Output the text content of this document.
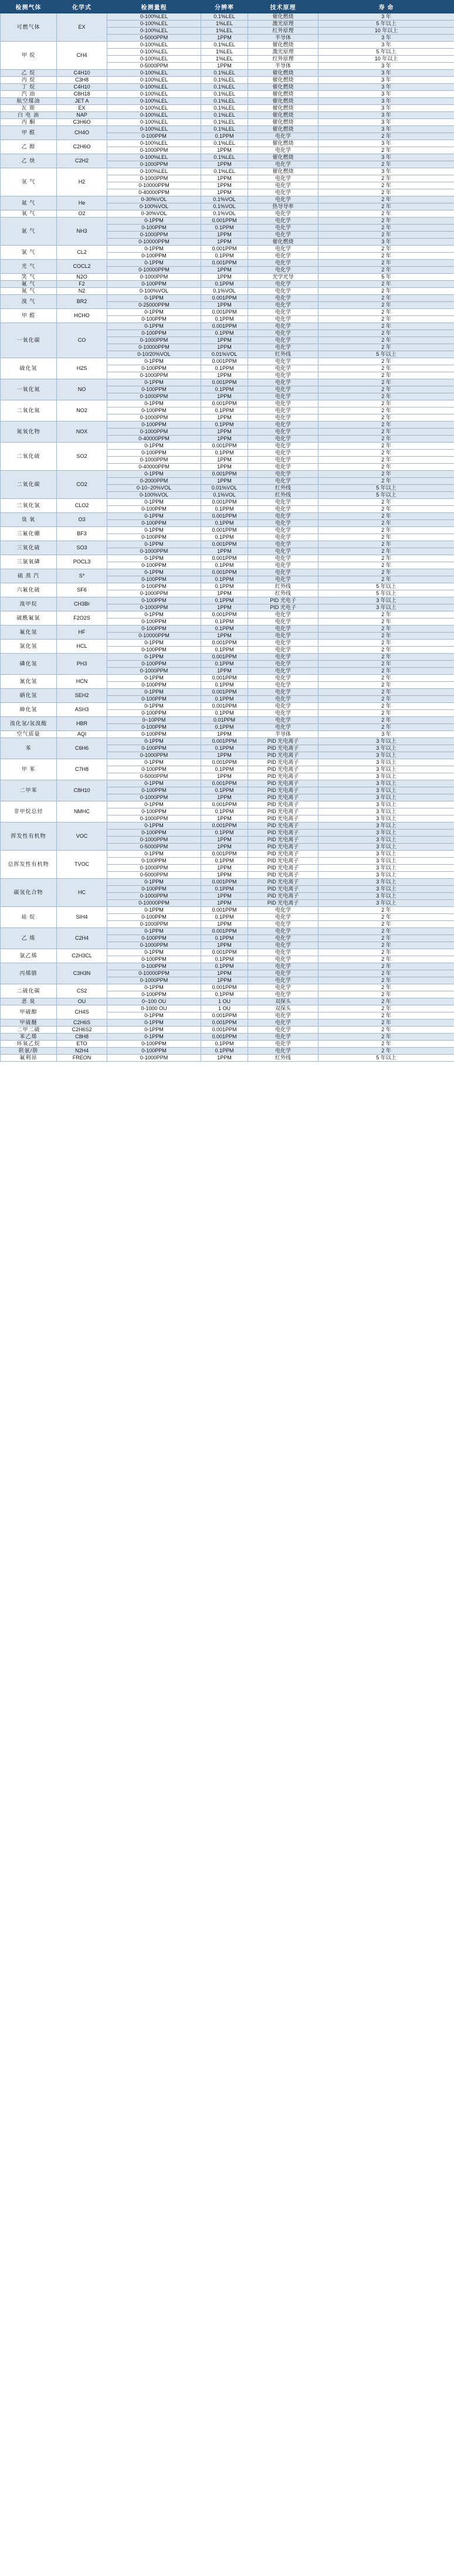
检测气体	化学式	检测量程	分辨率	技术原理	寿 命
可燃气体	EX	0-100%LEL	0.1%LEL	催化燃烧	3 年
		0-100%LEL	1%LEL	激光原理	5 年以上
		0-100%LEL	1%LEL	红外原理	10 年以上
		0-5000PPM	1PPM	半导体	3 年
甲 烷	CH4	0-100%LEL	0.1%LEL	催化燃烧	3 年
		0-100%LEL	1%LEL	激光原理	5 年以上
		0-100%LEL	1%LEL	红外原理	10 年以上
		0-5000PPM	1PPM	半导体	3 年
乙 烷	C4H10	0-100%LEL	0.1%LEL	催化燃烧	3 年
丙 烷	C3H8	0-100%LEL	0.1%LEL	催化燃烧	3 年
丁 烷	C4H10	0-100%LEL	0.1%LEL	催化燃烧	3 年
汽 油	C8H18	0-100%LEL	0.1%LEL	催化燃烧	3 年
航空煤油	JET A	0-100%LEL	0.1%LEL	催化燃烧	3 年
瓦 斯	EX	0-100%LEL	0.1%LEL	催化燃烧	3 年
白 电 油	NAP	0-100%LEL	0.1%LEL	催化燃烧	3 年
丙 酮	C3H6O	0-100%LEL	0.1%LEL	催化燃烧	3 年
甲 醛	CH4O	0-100%LEL	0.1%LEL	催化燃烧	3 年
		0-100PPM	0.1PPM	电化学	2 年
乙 醇	C2H6O	0-100%LEL	0.1%LEL	催化燃烧	3 年
		0-1000PPM	1PPM	电化学	2 年
乙 炔	C2H2	0-100%LEL	0.1%LEL	催化燃烧	3 年
		0-1000PPM	1PPM	电化学	2 年
氢 气	H2	0-100%LEL	0.1%LEL	催化燃烧	3 年
		0-1000PPM	1PPM	电化学	2 年
		0-10000PPM	1PPM	电化学	2 年
		0-40000PPM	1PPM	电化学	2 年
氦 气	He	0-30%VOL	0.1%VOL	电化学	2 年
		0-100%VOL	0.1%VOL	热导导率	2 年
氧 气	O2	0-30%VOL	0.1%VOL	电化学	2 年
氨 气	NH3	0-1PPM	0.001PPM	电化学	2 年
		0-100PPM	0.1PPM	电化学	2 年
		0-1000PPM	1PPM	电化学	2 年
		0-10000PPM	1PPM	催化燃烧	3 年
氯 气	CL2	0-1PPM	0.001PPM	电化学	2 年
		0-100PPM	0.1PPM	电化学	2 年
光 气	COCL2	0-1PPM	0.001PPM	电化学	2 年
		0-10000PPM	1PPM	电化学	2 年
笑 气	N2O	0-1000PPM	1PPM	光学光导	5 年
氟 气	F2	0-100PPM	0.1PPM	电化学	2 年
氮 气	N2	0-100%VOL	0.1%VOL	电化学	2 年
溴 气	BR2	0-1PPM	0.001PPM	电化学	2 年
		0-25000PPM	1PPM	电化学	2 年
甲 醛	HCHO	0-1PPM	0.001PPM	电化学	2 年
		0-100PPM	0.1PPM	电化学	2 年
一氧化碳	CO	0-1PPM	0.001PPM	电化学	2 年
		0-100PPM	0.1PPM	电化学	2 年
		0-1000PPM	1PPM	电化学	2 年
		0-10000PPM	1PPM	电化学	2 年
		0-10/20%VOL	0.01%VOL	红外线	5 年以上
硫化氢	H2S	0-1PPM	0.001PPM	电化学	2 年
		0-100PPM	0.1PPM	电化学	2 年
		0-1000PPM	1PPM	电化学	2 年
一氧化氮	NO	0-1PPM	0.001PPM	电化学	2 年
		0-100PPM	0.1PPM	电化学	2 年
		0-1000PPM	1PPM	电化学	2 年
二氧化氮	NO2	0-1PPM	0.001PPM	电化学	2 年
		0-100PPM	0.1PPM	电化学	2 年
		0-1000PPM	1PPM	电化学	2 年
氮氧化物	NOX	0-100PPM	0.1PPM	电化学	2 年
		0-1000PPM	1PPM	电化学	2 年
		0-40000PPM	1PPM	电化学	2 年
二氧化硫	SO2	0-1PPM	0.001PPM	电化学	2 年
		0-100PPM	0.1PPM	电化学	2 年
		0-1000PPM	1PPM	电化学	2 年
		0-40000PPM	1PPM	电化学	2 年
二氧化碳	CO2	0-1PPM	0.001PPM	电化学	2 年
		0-2000PPM	1PPM	电化学	2 年
		0-10~20%VOL	0.01%VOL	红外线	5 年以上
		0-100%VOL	0.1%VOL	红外线	5 年以上
二氧化氯	CLO2	0-1PPM	0.001PPM	电化学	2 年
		0-100PPM	0.1PPM	电化学	2 年
臭 氧	O3	0-1PPM	0.001PPM	电化学	2 年
		0-100PPM	0.1PPM	电化学	2 年
三氟化硼	BF3	0-1PPM	0.001PPM	电化学	2 年
		0-100PPM	0.1PPM	电化学	2 年
三氧化硫	SO3	0-1PPM	0.001PPM	电化学	2 年
		0-1000PPM	1PPM	电化学	2 年
三氯氧磷	POCL3	0-1PPM	0.001PPM	电化学	2 年
		0-100PPM	0.1PPM	电化学	2 年
硫 蒸 汽	S*	0-1PPM	0.001PPM	电化学	2 年
		0-100PPM	0.1PPM	电化学	2 年
六氟化硫	SF6	0-100PPM	0.1PPM	红外线	5 年以上
		0-1000PPM	1PPM	红外线	5 年以上
溴甲烷	CH3Br	0-100PPM	0.1PPM	PID 光电子	3 年以上
		0-1000PPM	1PPM	PID 光电子	3 年以上
硫酰氟氯	F2O2S	0-1PPM	0.001PPM	电化学	2 年
		0-100PPM	0.1PPM	电化学	2 年
氟化氢	HF	0-100PPM	0.1PPM	电化学	2 年
		0-10000PPM	1PPM	电化学	2 年
氯化氢	HCL	0-1PPM	0.001PPM	电化学	2 年
		0-100PPM	0.1PPM	电化学	2 年
磷化氢	PH3	0-1PPM	0.001PPM	电化学	2 年
		0-100PPM	0.1PPM	电化学	2 年
		0-1000PPM	1PPM	电化学	2 年
氰化氢	HCN	0-1PPM	0.001PPM	电化学	2 年
		0-100PPM	0.1PPM	电化学	2 年
硒化氢	SEH2	0-1PPM	0.001PPM	电化学	2 年
		0-100PPM	0.1PPM	电化学	2 年
砷化氢	ASH3	0-1PPM	0.001PPM	电化学	2 年
		0-100PPM	0.1PPM	电化学	2 年
溴化氢/氢溴酸	HBR	0~10PPM	0.01PPM	电化学	2 年
		0-100PPM	0.1PPM	电化学	2 年
空气质量	AQI	0-100PPM	1PPM	半导体	3 年
苯	C6H6	0-1PPM	0.001PPM	PID 光电离子	3 年以上
		0-100PPM	0.1PPM	PID 光电离子	3 年以上
		0-1000PPM	1PPM	PID 光电离子	3 年以上
甲 苯	C7H8	0-1PPM	0.001PPM	PID 光电离子	3 年以上
		0-100PPM	0.1PPM	PID 光电离子	3 年以上
		0-5000PPM	1PPM	PID 光电离子	3 年以上
二甲苯	C8H10	0-1PPM	0.001PPM	PID 光电离子	3 年以上
		0-100PPM	0.1PPM	PID 光电离子	3 年以上
		0-1000PPM	1PPM	PID 光电离子	3 年以上
非甲烷总烃	NMHC	0-1PPM	0.001PPM	PID 光电离子	3 年以上
		0-100PPM	0.1PPM	PID 光电离子	3 年以上
		0-1000PPM	1PPM	PID 光电离子	3 年以上
挥发性有机物	VOC	0-1PPM	0.001PPM	PID 光电离子	3 年以上
		0-100PPM	0.1PPM	PID 光电离子	3 年以上
		0-1000PPM	1PPM	PID 光电离子	3 年以上
		0-5000PPM	1PPM	PID 光电离子	3 年以上
总挥发性有机物	TVOC	0-1PPM	0.001PPM	PID 光电离子	3 年以上
		0-100PPM	0.1PPM	PID 光电离子	3 年以上
		0-1000PPM	1PPM	PID 光电离子	3 年以上
		0-5000PPM	1PPM	PID 光电离子	3 年以上
碳氢化合物	HC	0-1PPM	0.001PPM	PID 光电离子	3 年以上
		0-100PPM	0.1PPM	PID 光电离子	3 年以上
		0-1000PPM	1PPM	PID 光电离子	3 年以上
		0-10000PPM	1PPM	PID 光电离子	3 年以上
硅 烷	SIH4	0-1PPM	0.001PPM	电化学	2 年
		0-100PPM	0.1PPM	电化学	2 年
		0-1000PPM	1PPM	电化学	2 年
乙 烯	C2H4	0-1PPM	0.001PPM	电化学	2 年
		0-100PPM	0.1PPM	电化学	2 年
		0-1000PPM	1PPM	电化学	2 年
氯乙烯	C2H3CL	0-1PPM	0.001PPM	电化学	2 年
		0-100PPM	0.1PPM	电化学	2 年
丙烯腈	C3H3N	0-100PPM	0.1PPM	电化学	2 年
		0-10000PPM	1PPM	电化学	2 年
		0-1000PPM	1PPM	电化学	2 年
二硫化碳	CS2	0-1PPM	0.001PPM	电化学	2 年
		0-100PPM	0.1PPM	电化学	2 年
恶 臭	OU	0~100 OU	1 OU	双探头	2 年
甲硫醇	CH4S	0-1000 OU	1 OU	双探头	2 年
		0-1PPM	0.001PPM	电化学	2 年
甲硫醚	C2H6S	0-1PPM	0.001PPM	电化学	2 年
二甲二硫	C2H6S2	0-1PPM	0.001PPM	电化学	2 年
苯乙烯	C8H8	0-1PPM	0.001PPM	电化学	2 年
环氧乙烷	ETO	0-100PPM	0.1PPM	电化学	2 年
联氨/肼	N2H4	0-100PPM	0.1PPM	电化学	2 年
氟利昂	FREON	0-1000PPM	1PPM	红外线	5 年以上
